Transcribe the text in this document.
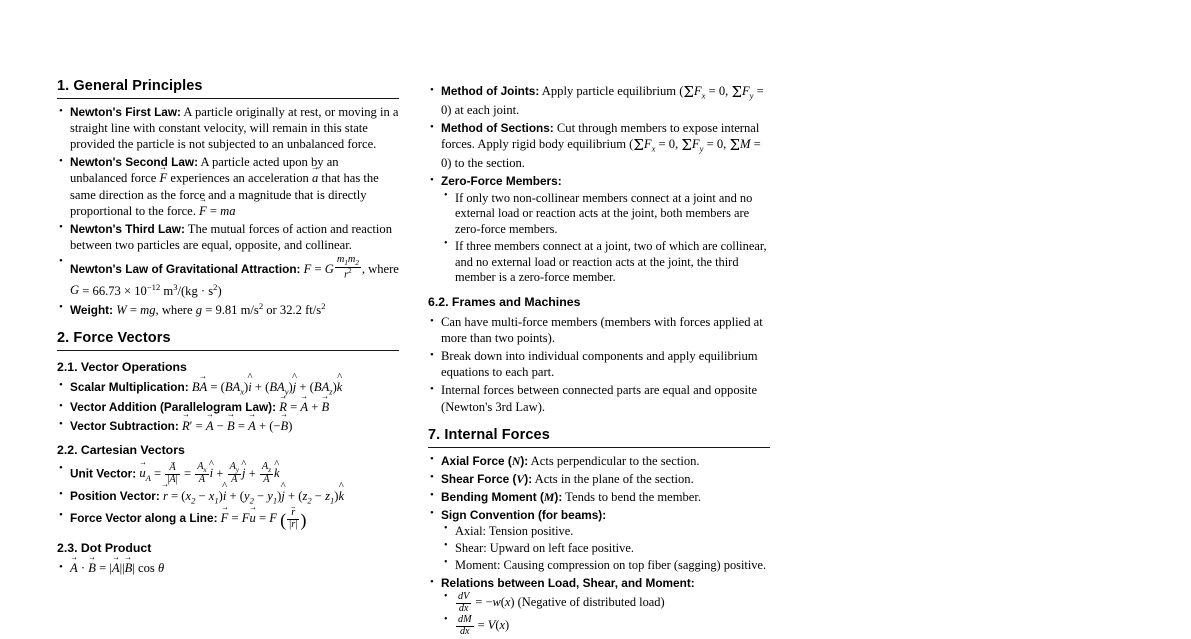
1. General Principles
• Newton's First Law: A particle originally at rest, or moving in a straight line with constant velocity, will remain in this state provided the particle is not subjected to an unbalanced force.
• Newton's Second Law: A particle acted upon by an unbalanced force F → experiences an acceleration a → that has the same direction as the force and a magnitude that is directly proportional to the force. F → = ma⃗
• Newton's Third Law: The mutual forces of action and reaction between two particles are equal, opposite, and collinear.
• Newton's Law of Gravitational Attraction: F = G $\frac{m_1m_2}{r^2}$ , where $G = 66.73 \times 10^{-12}$ $m^3/(kg \cdot s^2)$
• Weight: W = mg, where g = 9.81 $m/s^2$ or 32.2 $ft/s^2$
2. Force Vectors
2.1. Vector Operations
• Scalar Multiplication: BA → = $(BA_x)i$ ^ + $(BA_y)j$ ^ + $(BA_z)k$ ^
• Vector Addition (Parallelogram Law): R → = A → + B →
• Vector Subtraction: R →′ = A → − B → = A → + (−B →)
2.2. Cartesian Vectors
• Unit Vector: $u \to_A = \frac{A \to}{|A|} = \frac{A_x}{A}$ i ^ + $\frac{A_y}{A}$ j ^ + $\frac{A_z}{A}$ k ^
• Position Vector: r → = $(x_2 - x_1)i$ ^ + $(y_2 - y_1)j$ ^ + $(z_2 - z_1)k$ ^
• Force Vector along a Line: F → = Fu → = F ( $\frac{r \to}{|r \to|}$ )
2.3. Dot Product
• A → · B → = |A →||B →| cos θ
• Method of Joints: Apply particle equilibrium ($\Sigma F_x = 0$, $\Sigma F_y = 0$) at each joint.
• Method of Sections: Cut through members to expose internal forces. Apply rigid body equilibrium ($\Sigma F_x = 0$, $\Sigma F_y = 0$, ΣM = 0) to the section.
• Zero-Force Members:
• If only two non-collinear members connect at a joint and no external load or reaction acts at the joint, both members are zero-force members.
• If three members connect at a joint, two of which are collinear, and no external load or reaction acts at the joint, the third member is a zero-force member.
6.2. Frames and Machines
• Can have multi-force members (members with forces applied at more than two points).
• Break down into individual components and apply equilibrium equations to each part.
• Internal forces between connected parts are equal and opposite (Newton's 3rd Law).
7. Internal Forces
• Axial Force (N): Acts perpendicular to the section.
• Shear Force (V): Acts in the plane of the section.
• Bending Moment (M): Tends to bend the member.
• Sign Convention (for beams):
• Axial: Tension positive.
• Shear: Upward on left face positive.
• Moment: Causing compression on top fiber (sagging) positive.
• Relations between Load, Shear, and Moment:
• $\frac{dV}{dx} = -w(x)$ (Negative of distributed load)
• $\frac{dM}{dx} = V(x)$
